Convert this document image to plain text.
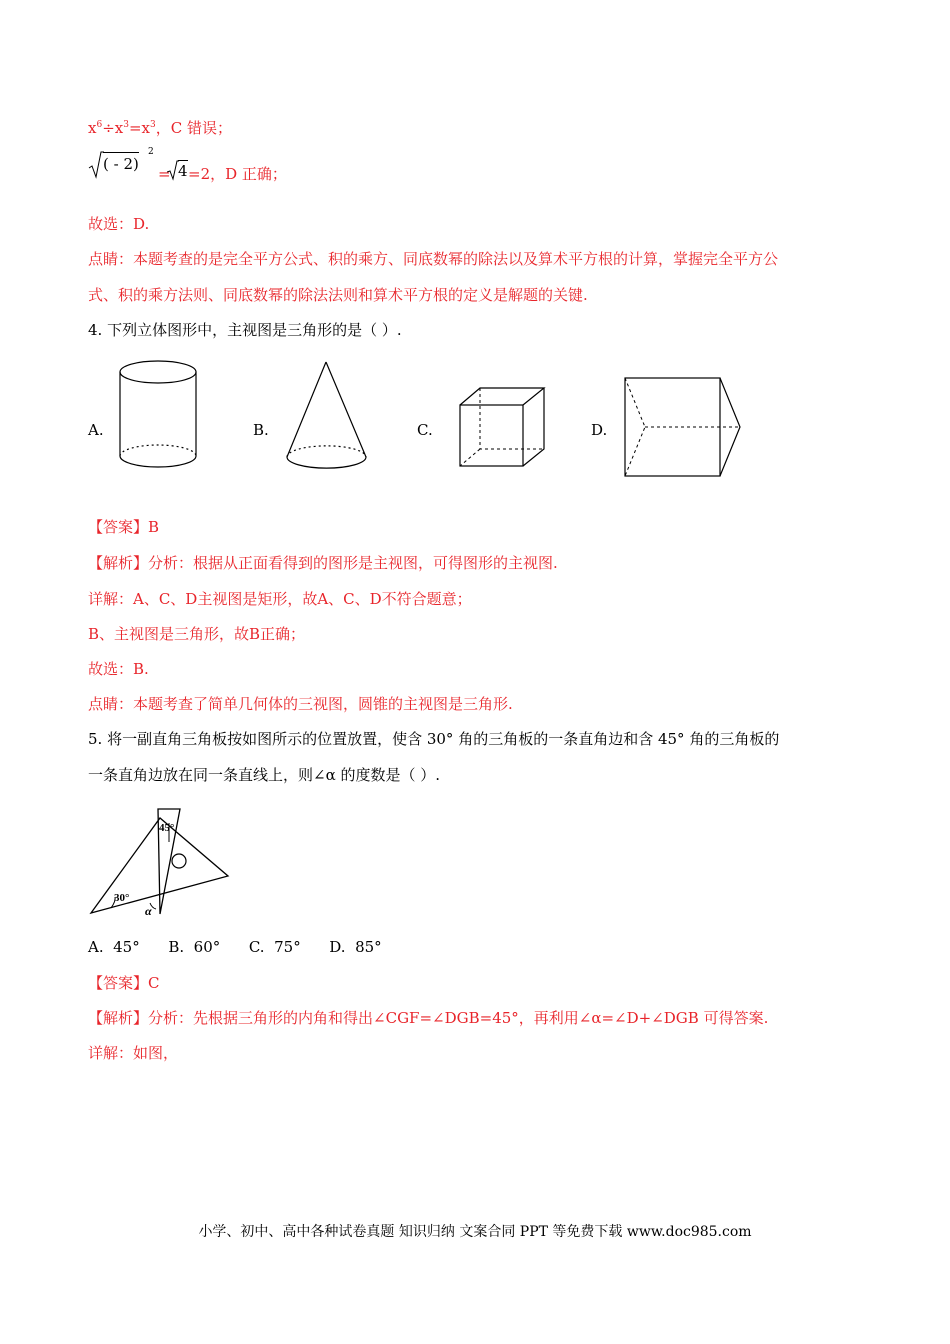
$x^6\div x^3=x^3$，C 错误；
( - 2)
2
= 4 =2，D 正确；
故选：D.
点睛：本题考查的是完全平方公式、积的乘方、同底数幂的除法以及算术平方根的计算，掌握完全平方公
式、积的乘方法则、同底数幂的除法法则和算术平方根的定义是解题的关键.
4. 下列立体图形中，主视图是三角形的是（ ）.
A.	B.	C.	D.
【答案】B
【解析】分析：根据从正面看得到的图形是主视图，可得图形的主视图.
详解：A、C、D主视图是矩形，故A、C、D不符合题意；
B、主视图是三角形，故B正确；
故选：B.
点睛：本题考查了简单几何体的三视图，圆锥的主视图是三角形.
5. 将一副直角三角板按如图所示的位置放置，使含 30° 角的三角板的一条直角边和含 45° 角的三角板的
一条直角边放在同一条直线上，则∠α 的度数是（ ）.
45°
30°
α
A.  45°      B.  60°      C.  75°      D.  85°
【答案】C
【解析】分析：先根据三角形的内角和得出∠CGF=∠DGB=45°，再利用∠α=∠D+∠DGB 可得答案.
详解：如图，
小学、初中、高中各种试卷真题 知识归纳 文案合同 PPT 等免费下载 www.doc985.com
